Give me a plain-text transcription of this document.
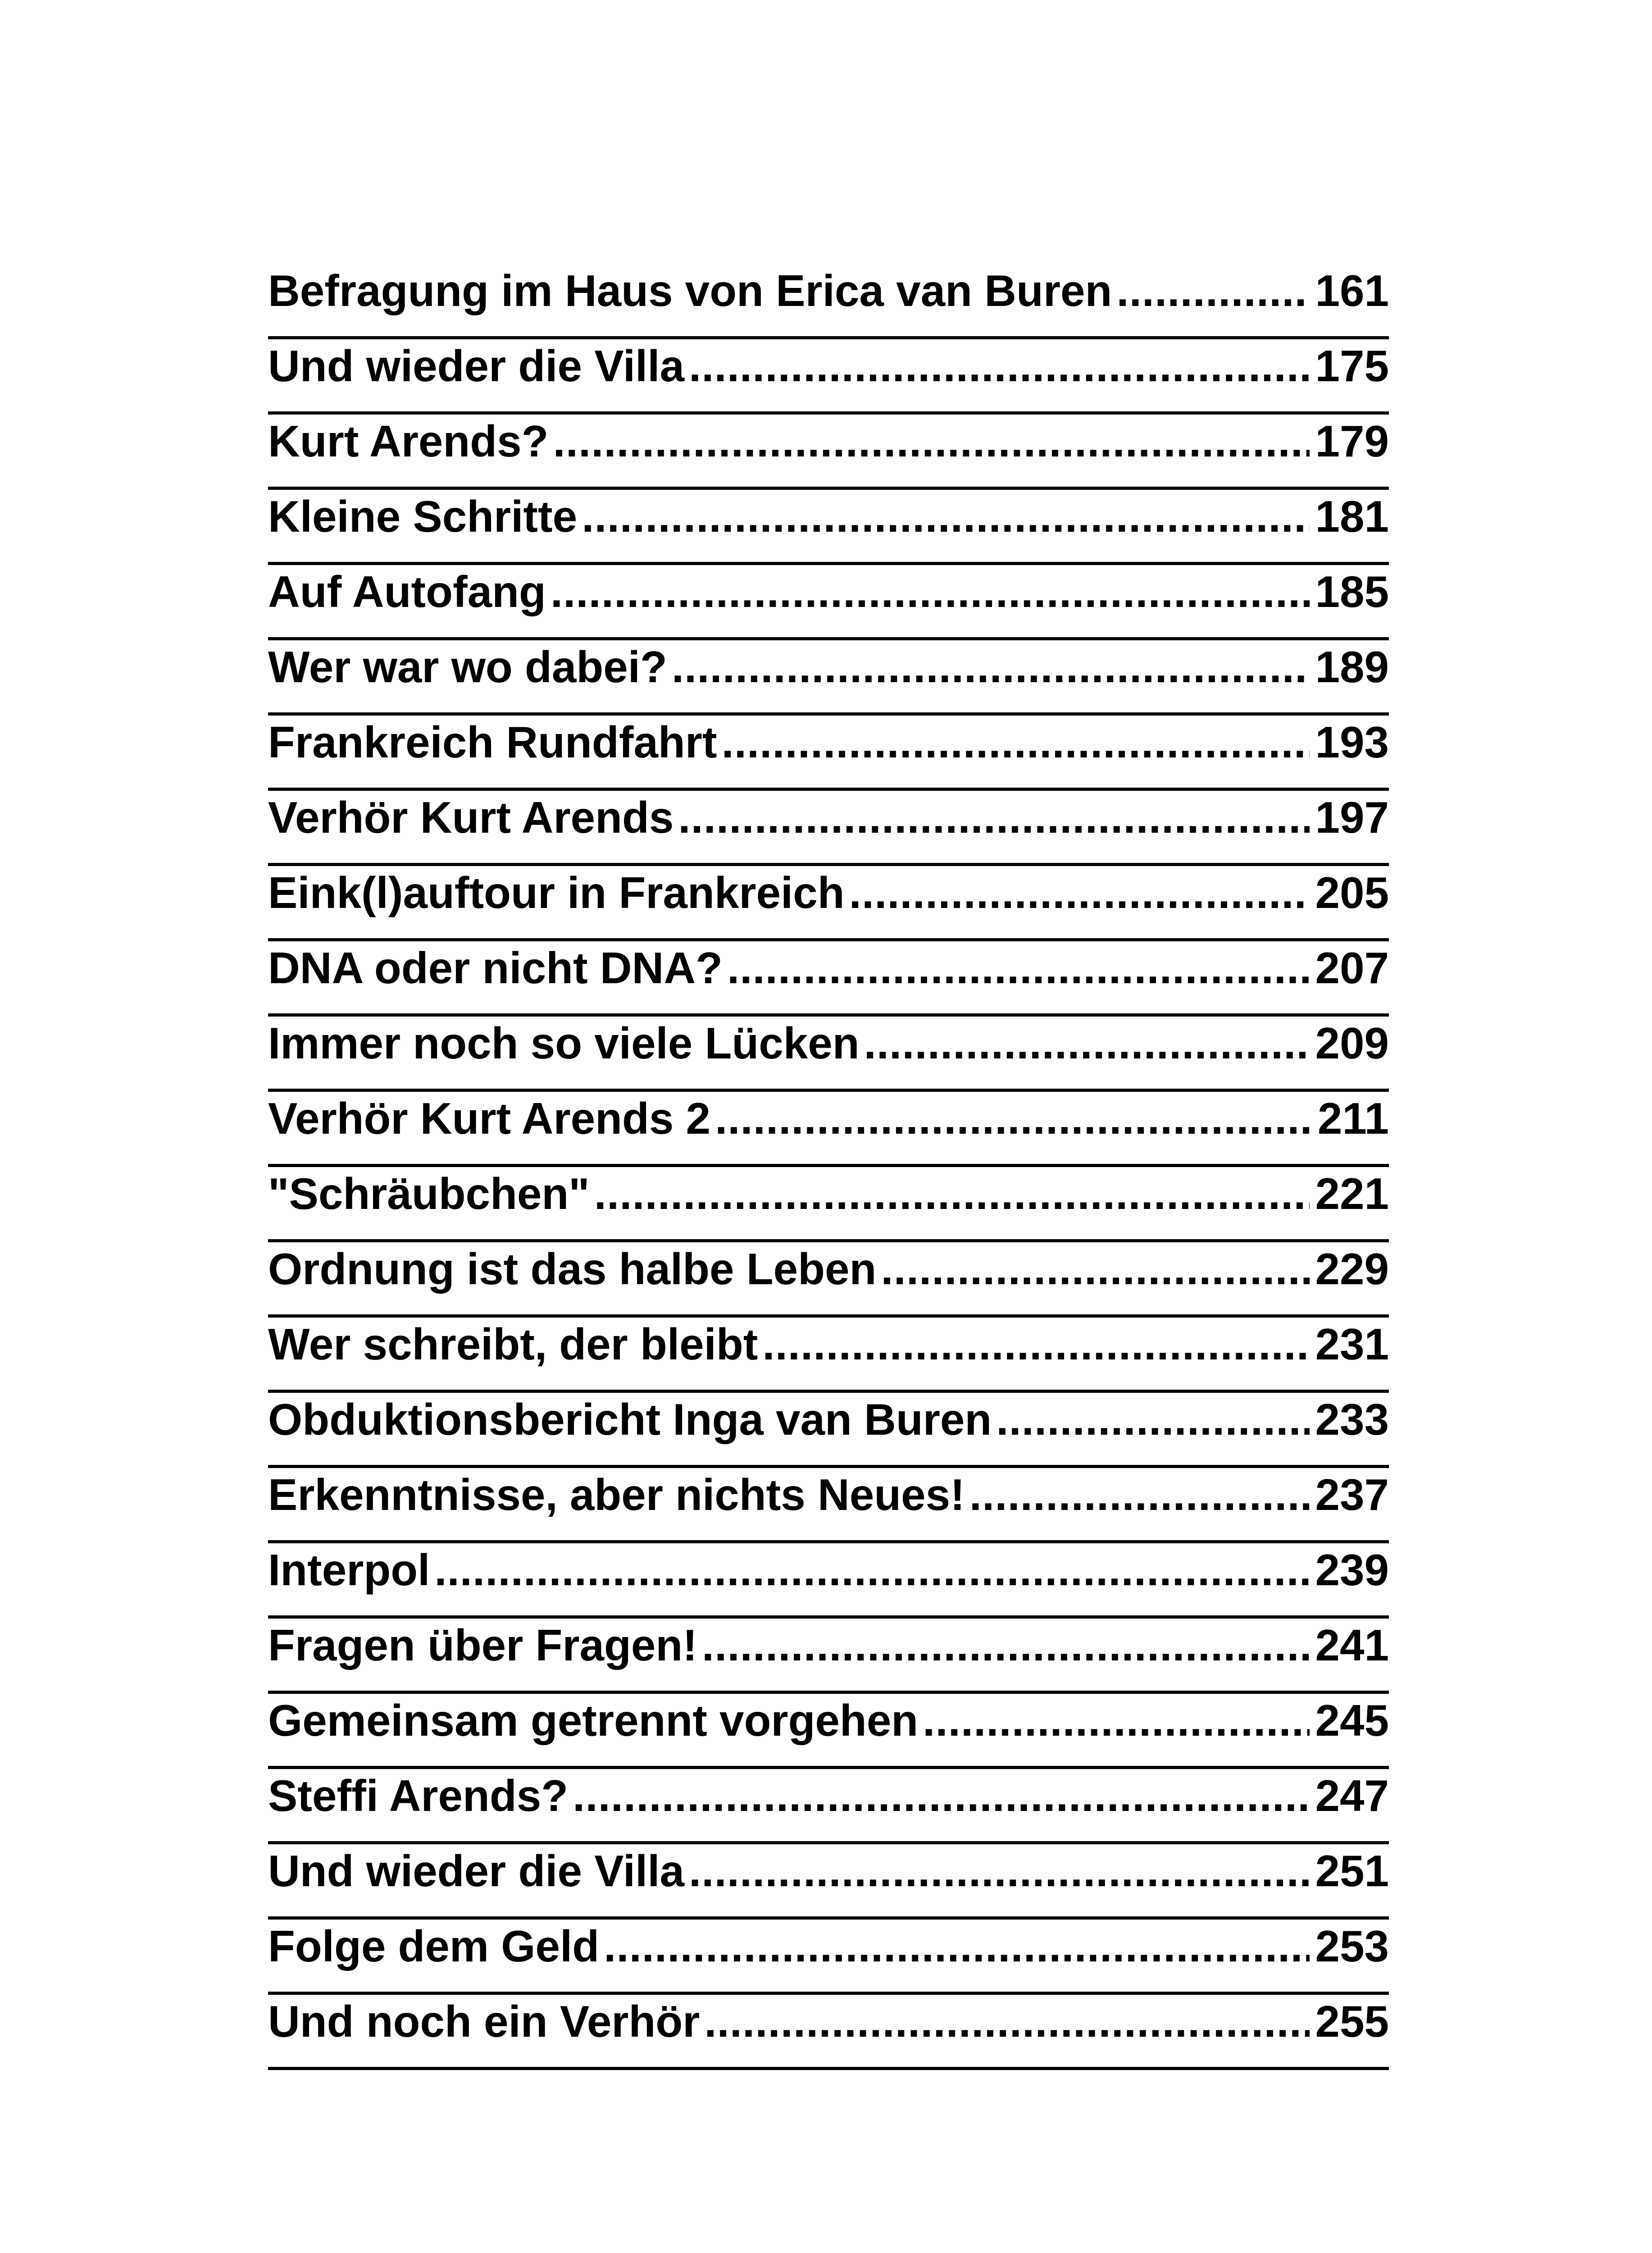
Befragung im Haus von Erica van Buren .....	161
Und wieder die Villa .....	175
Kurt Arends? .....	179
Kleine Schritte .....	181
Auf Autofang .....	185
Wer war wo dabei? .....	189
Frankreich Rundfahrt .....	193
Verhör Kurt Arends .....	197
Eink(l)auftour in Frankreich .....	205
DNA oder nicht DNA? .....	207
Immer noch so viele Lücken .....	209
Verhör Kurt Arends 2 .....	211
"Schräubchen" .....	221
Ordnung ist das halbe Leben .....	229
Wer schreibt, der bleibt .....	231
Obduktionsbericht Inga van Buren .....	233
Erkenntnisse, aber nichts Neues! .....	237
Interpol .....	239
Fragen über Fragen! .....	241
Gemeinsam getrennt vorgehen .....	245
Steffi Arends? .....	247
Und wieder die Villa .....	251
Folge dem Geld .....	253
Und noch ein Verhör .....	255
